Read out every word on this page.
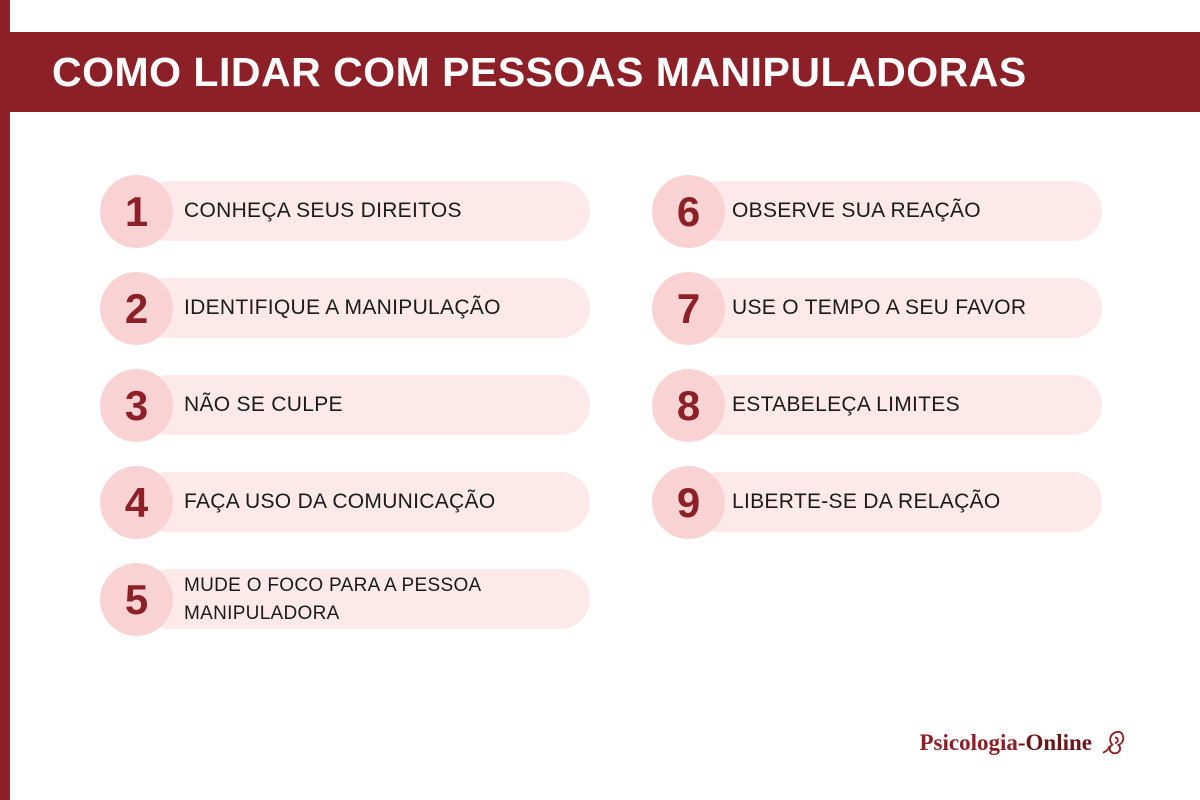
COMO LIDAR COM PESSOAS MANIPULADORAS
1 CONHEÇA SEUS DIREITOS
2 IDENTIFIQUE A MANIPULAÇÃO
3 NÃO SE CULPE
4 FAÇA USO DA COMUNICAÇÃO
5 MUDE O FOCO PARA A PESSOA MANIPULADORA
6 OBSERVE SUA REAÇÃO
7 USE O TEMPO A SEU FAVOR
8 ESTABELEÇA LIMITES
9 LIBERTE-SE DA RELAÇÃO
Psicologia-Online
